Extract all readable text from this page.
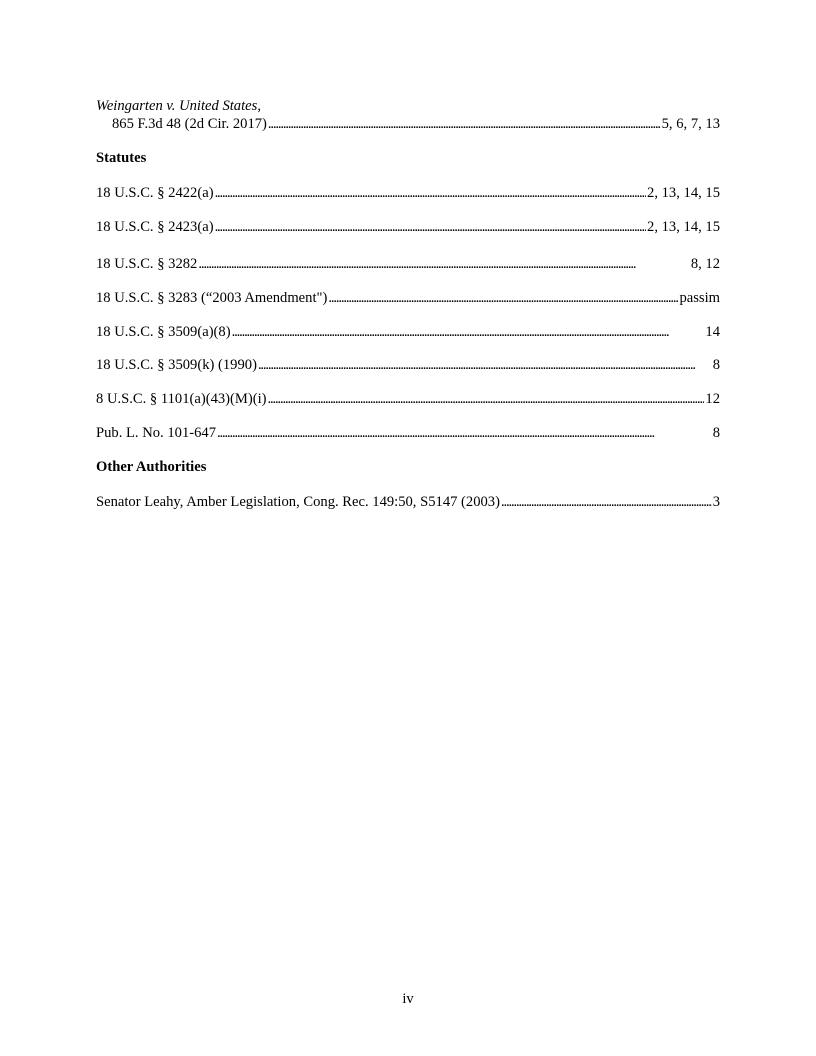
Weingarten v. United States,
865 F.3d 48 (2d Cir. 2017) . . .	5, 6, 7, 13
Statutes
18 U.S.C. § 2422(a) . . .	2, 13, 14, 15
18 U.S.C. § 2423(a) . . .	2, 13, 14, 15
18 U.S.C. § 3282 . . .	8, 12
18 U.S.C. § 3283 (“2003 Amendment") . . .	passim
18 U.S.C. § 3509(a)(8) . . .	14
18 U.S.C. § 3509(k) (1990) . . .	8
8 U.S.C. § 1101(a)(43)(M)(i) . . .	12
Pub. L. No. 101-647 . . .	8
Other Authorities
Senator Leahy, Amber Legislation, Cong. Rec. 149:50, S5147 (2003) . . .	3
iv
